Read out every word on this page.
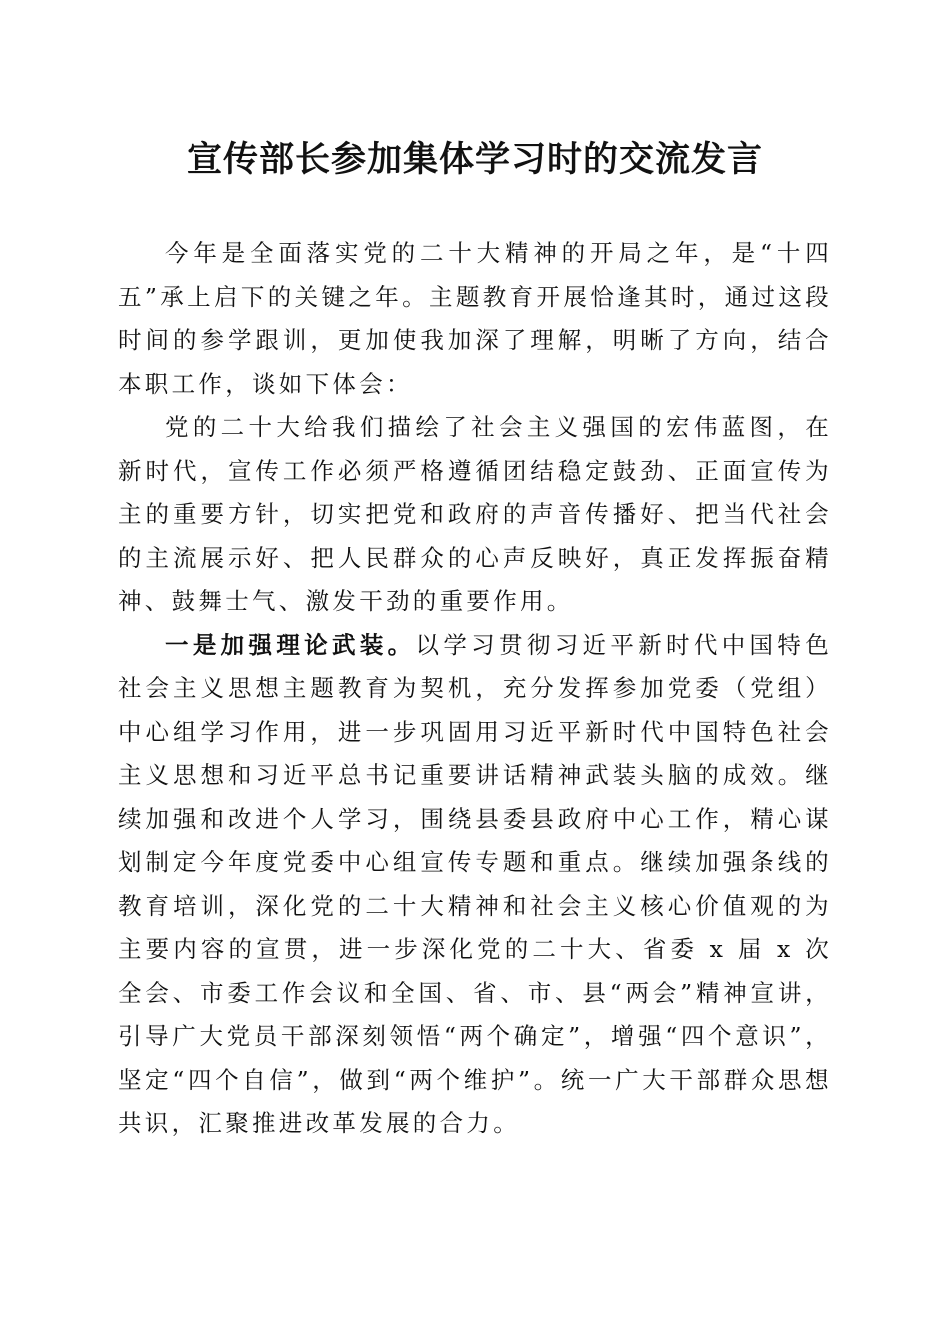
宣传部长参加集体学习时的交流发言

今年是全面落实党的二十大精神的开局之年，是“十四五”承上启下的关键之年。主题教育开展恰逢其时，通过这段时间的参学跟训，更加使我加深了理解，明晰了方向，结合本职工作，谈如下体会：

党的二十大给我们描绘了社会主义强国的宏伟蓝图，在新时代，宣传工作必须严格遵循团结稳定鼓劲、正面宣传为主的重要方针，切实把党和政府的声音传播好、把当代社会的主流展示好、把人民群众的心声反映好，真正发挥振奋精神、鼓舞士气、激发干劲的重要作用。

一是加强理论武装。以学习贯彻习近平新时代中国特色社会主义思想主题教育为契机，充分发挥参加党委（党组）中心组学习作用，进一步巩固用习近平新时代中国特色社会主义思想和习近平总书记重要讲话精神武装头脑的成效。继续加强和改进个人学习，围绕县委县政府中心工作，精心谋划制定今年度党委中心组宣传专题和重点。继续加强条线的教育培训，深化党的二十大精神和社会主义核心价值观的为主要内容的宣贯，进一步深化党的二十大、省委 x 届 x 次全会、市委工作会议和全国、省、市、县“两会”精神宣讲，引导广大党员干部深刻领悟“两个确定”，增强“四个意识”，坚定“四个自信”，做到“两个维护”。统一广大干部群众思想共识，汇聚推进改革发展的合力。
